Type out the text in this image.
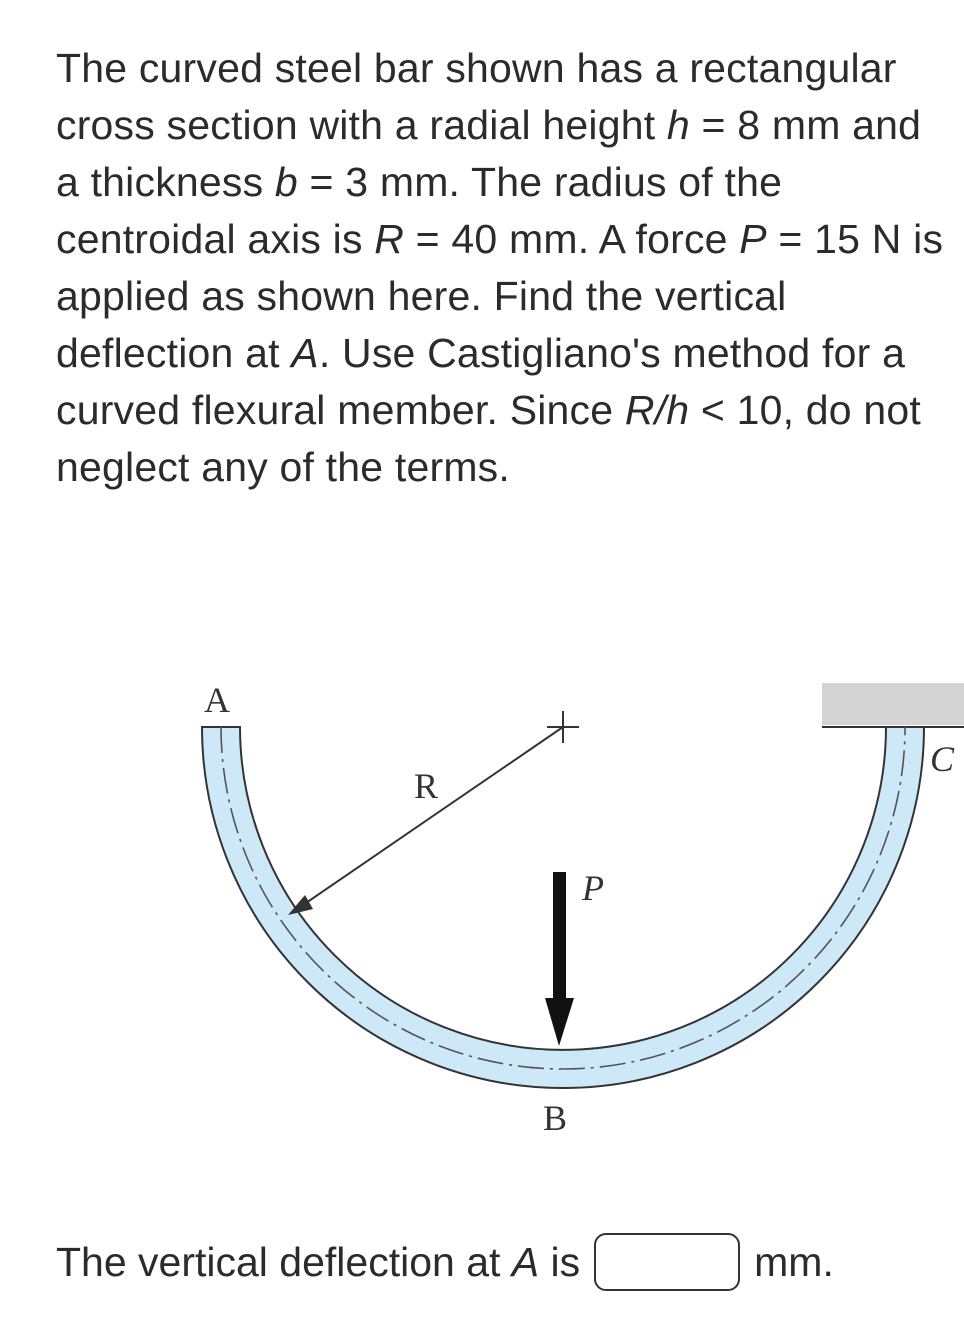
The curved steel bar shown has a rectangular cross section with a radial height h = 8 mm and a thickness b = 3 mm. The radius of the centroidal axis is R = 40 mm. A force P = 15 N is applied as shown here. Find the vertical deflection at A. Use Castigliano's method for a curved flexural member. Since R/h < 10, do not neglect any of the terms.
A
R
P
B
C
The vertical deflection at A is	mm.
